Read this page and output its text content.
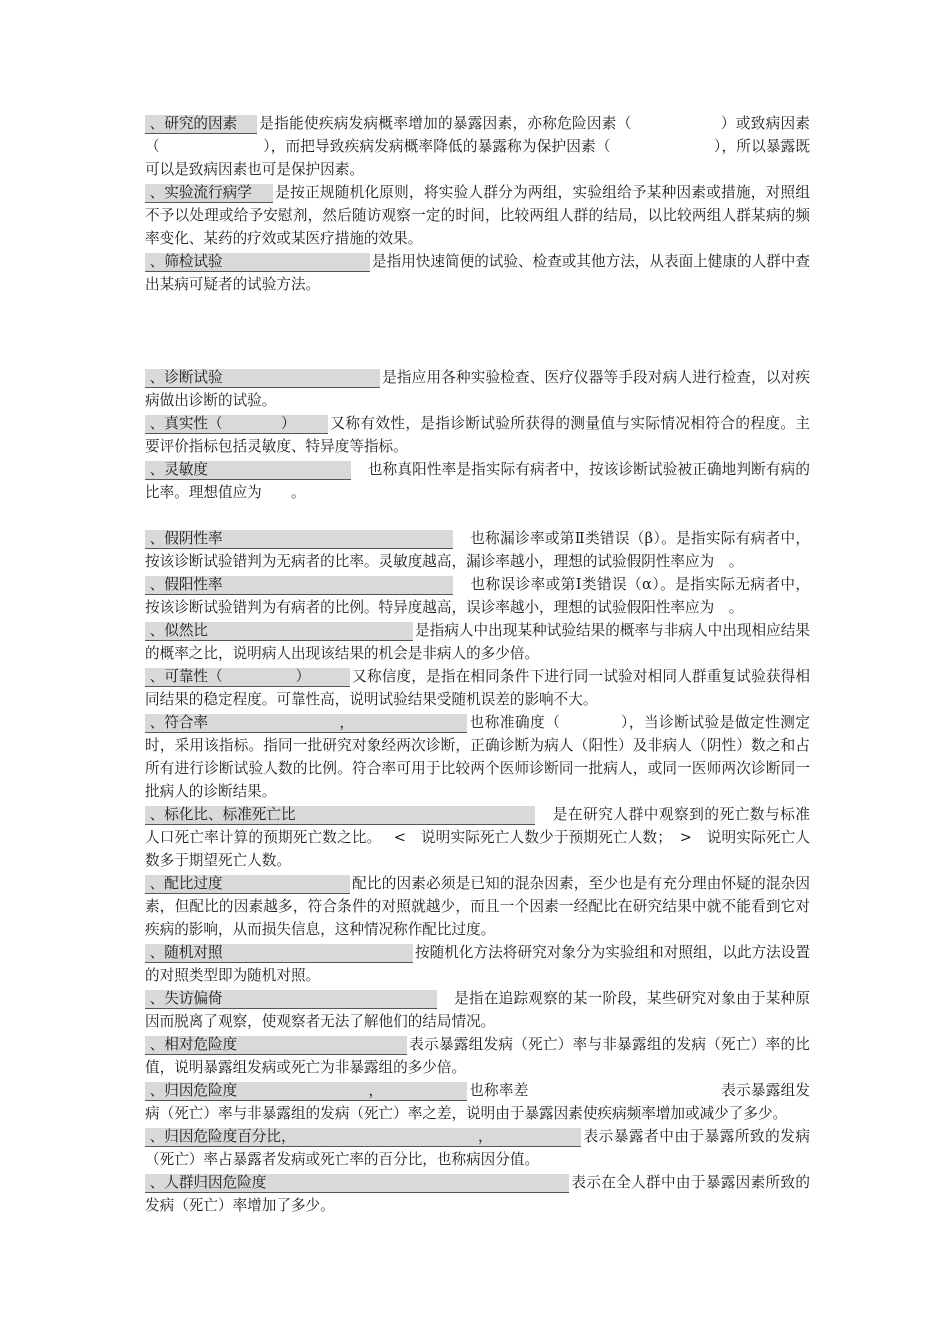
、研究的因素 是指能使疾病发病概率增加的暴露因素，亦称危险因素（　　　　　　）或致病因素（　　　　　　　），而把导致疾病发病概率降低的暴露称为保护因素（　　　　　　　），所以暴露既可以是致病因素也可是保护因素。

、实验流行病学 是按正规随机化原则，将实验人群分为两组，实验组给予某种因素或措施，对照组不予以处理或给予安慰剂，然后随访观察一定的时间，比较两组人群的结局，以比较两组人群某病的频率变化、某药的疗效或某医疗措施的效果。

、筛检试验	是指用快速简便的试验、检查或其他方法，从表面上健康的人群中查出某病可疑者的试验方法。

、诊断试验	是指应用各种实验检查、医疗仪器等手段对病人进行检查，以对疾病做出诊断的试验。

、真实性（　　　　） 又称有效性，是指诊断试验所获得的测量值与实际情况相符合的程度。主要评价指标包括灵敏度、特异度等指标。

、灵敏度	　也称真阳性率是指实际有病者中，按该诊断试验被正确地判断有病的比率。理想值应为　　。

、假阴性率	　也称漏诊率或第Ⅱ类错误（β）。是指实际有病者中，按该诊断试验错判为无病者的比率。灵敏度越高，漏诊率越小，理想的试验假阴性率应为　。

、假阳性率	　也称误诊率或第Ⅰ类错误（α）。是指实际无病者中，按该诊断试验错判为有病者的比例。特异度越高，误诊率越小，理想的试验假阳性率应为　。

、似然比	是指病人中出现某种试验结果的概率与非病人中出现相应结果的概率之比，说明病人出现该结果的机会是非病人的多少倍。

、可靠性（　　　　　）	又称信度，是指在相同条件下进行同一试验对相同人群重复试验获得相同结果的稳定程度。可靠性高，说明试验结果受随机误差的影响不大。

、符合率　　　　　　　　　，	也称准确度（　　　　），当诊断试验是做定性测定时，采用该指标。指同一批研究对象经两次诊断，正确诊断为病人（阳性）及非病人（阴性）数之和占所有进行诊断试验人数的比例。符合率可用于比较两个医师诊断同一批病人，或同一医师两次诊断同一批病人的诊断结果。

、标化比、标准死亡比	　是在研究人群中观察到的死亡数与标准人口死亡率计算的预期死亡数之比。　 <　说明实际死亡人数少于预期死亡人数；　>　说明实际死亡人数多于期望死亡人数。

、配比过度	配比的因素必须是已知的混杂因素，至少也是有充分理由怀疑的混杂因素，但配比的因素越多，符合条件的对照就越少，而且一个因素一经配比在研究结果中就不能看到它对疾病的影响，从而损失信息，这种情况称作配比过度。

、随机对照	按随机化方法将研究对象分为实验组和对照组，以此方法设置的对照类型即为随机对照。

、失访偏倚	　是指在追踪观察的某一阶段，某些研究对象由于某种原因而脱离了观察，使观察者无法了解他们的结局情况。

、相对危险度	表示暴露组发病（死亡）率与非暴露组的发病（死亡）率的比值，说明暴露组发病或死亡为非暴露组的多少倍。

、归因危险度　　　　　　　　　，	也称率差　　　　　　　　　　　　　表示暴露组发病（死亡）率与非暴露组的发病（死亡）率之差，说明由于暴露因素使疾病频率增加或减少了多少。

、归因危险度百分比，　　　　　　　　　　　　　，	表示暴露者中由于暴露所致的发病（死亡）率占暴露者发病或死亡率的百分比，也称病因分值。

、人群归因危险度	表示在全人群中由于暴露因素所致的发病（死亡）率增加了多少。
